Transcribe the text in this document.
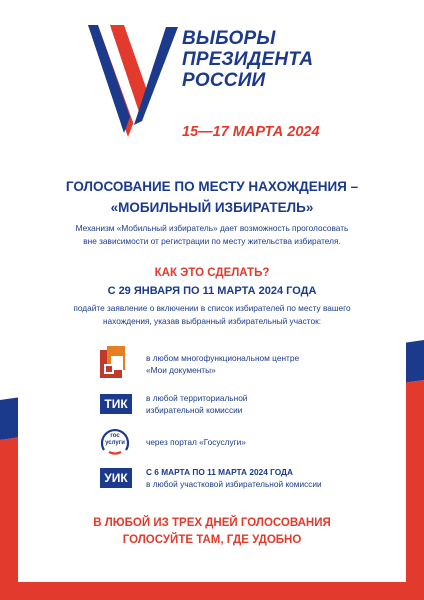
ВЫБОРЫ
ПРЕЗИДЕНТА
РОССИИ
15—17 МАРТА 2024
ГОЛОСОВАНИЕ ПО МЕСТУ НАХОЖДЕНИЯ –
«МОБИЛЬНЫЙ ИЗБИРАТЕЛЬ»
Механизм «Мобильный избиратель» дает возможность проголосовать
вне зависимости от регистрации по месту жительства избирателя.
КАК ЭТО СДЕЛАТЬ?
С 29 ЯНВАРЯ ПО 11 МАРТА 2024 ГОДА
подайте заявление о включении в список избирателей по месту вашего
нахождения, указав выбранный избирательный участок:
в любом многофункциональном центре
«Мои документы»
ТИК	в любой территориальной
избирательной комиссии
гос
услуги	через портал «Госуслуги»
УИК	С 6 МАРТА ПО 11 МАРТА 2024 ГОДА
в любой участковой избирательной комиссии
В ЛЮБОЙ ИЗ ТРЕХ ДНЕЙ ГОЛОСОВАНИЯ
ГОЛОСУЙТЕ ТАМ, ГДЕ УДОБНО
